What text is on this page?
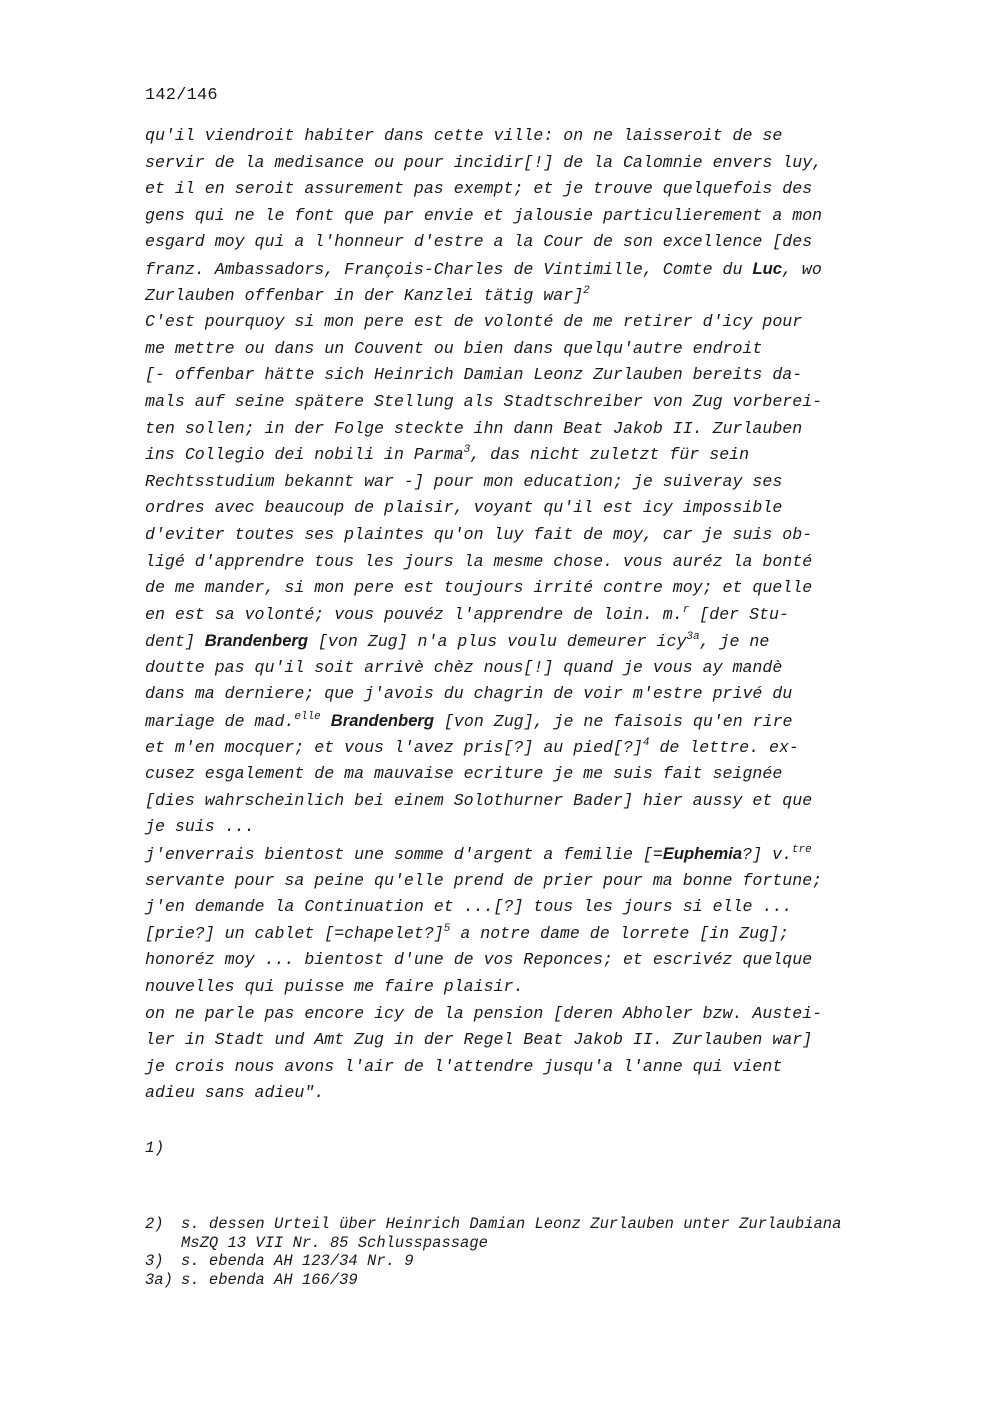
142/146
qu'il viendroit habiter dans cette ville: on ne laisseroit de se
servir de la medisance ou pour incidir[!] de la Calomnie envers luy,
et il en seroit assurement pas exempt; et je trouve quelquefois des
gens qui ne le font que par envie et jalousie particulierement a mon
esgard moy qui a l'honneur d'estre a la Cour de son excellence [des
franz. Ambassadors, François-Charles de Vintimille, Comte du Luc, wo
Zurlauben offenbar in der Kanzlei tätig war]$^2$
C'est pourquoy si mon pere est de volonté de me retirer d'icy pour
me mettre ou dans un Couvent ou bien dans quelqu'autre endroit
[- offenbar hätte sich Heinrich Damian Leonz Zurlauben bereits da-
mals auf seine spätere Stellung als Stadtschreiber von Zug vorberei-
ten sollen; in der Folge steckte ihn dann Beat Jakob II. Zurlauben
ins Collegio dei nobili in Parma$^3$, das nicht zuletzt für sein
Rechtsstudium bekannt war -] pour mon education; je suiveray ses
ordres avec beaucoup de plaisir, voyant qu'il est icy impossible
d'eviter toutes ses plaintes qu'on luy fait de moy, car je suis ob-
ligé d'apprendre tous les jours la mesme chose. vous auréz la bonté
de me mander, si mon pere est toujours irrité contre moy; et quelle
en est sa volonté; vous pouvéz l'apprendre de loin. m.$^r$ [der Stu-
dent] Brandenberg [von Zug] n'a plus voulu demeurer icy$^{3a}$, je ne
doutte pas qu'il soit arrivè chèz nous[!] quand je vous ay mandè
dans ma derniere; que j'avois du chagrin de voir m'estre privé du
mariage de mad.$^{elle}$ Brandenberg [von Zug], je ne faisois qu'en rire
et m'en mocquer; et vous l'avez pris[?] au pied[?]$^4$ de lettre. ex-
cusez esgalement de ma mauvaise ecriture je me suis fait seignée
[dies wahrscheinlich bei einem Solothurner Bader] hier aussy et que
je suis ...
j'enverrais bientost une somme d'argent a femilie [=Euphemia?] v.$^{tre}$
servante pour sa peine qu'elle prend de prier pour ma bonne fortune;
j'en demande la Continuation et ...[?] tous les jours si elle ...
[prie?] un cablet [=chapelet?]$^5$ a notre dame de lorrete [in Zug];
honoréz moy ... bientost d'une de vos Reponces; et escrivéz quelque
nouvelles qui puisse me faire plaisir.
on ne parle pas encore icy de la pension [deren Abholer bzw. Austei-
ler in Stadt und Amt Zug in der Regel Beat Jakob II. Zurlauben war]
je crois nous avons l'air de l'attendre jusqu'a l'anne qui vient
adieu sans adieu".
1)
2)	s. dessen Urteil über Heinrich Damian Leonz Zurlauben unter Zurlaubiana
MsZQ 13 VII Nr. 85 Schlusspassage
3)	s. ebenda AH 123/34 Nr. 9
3a) s. ebenda AH 166/39
